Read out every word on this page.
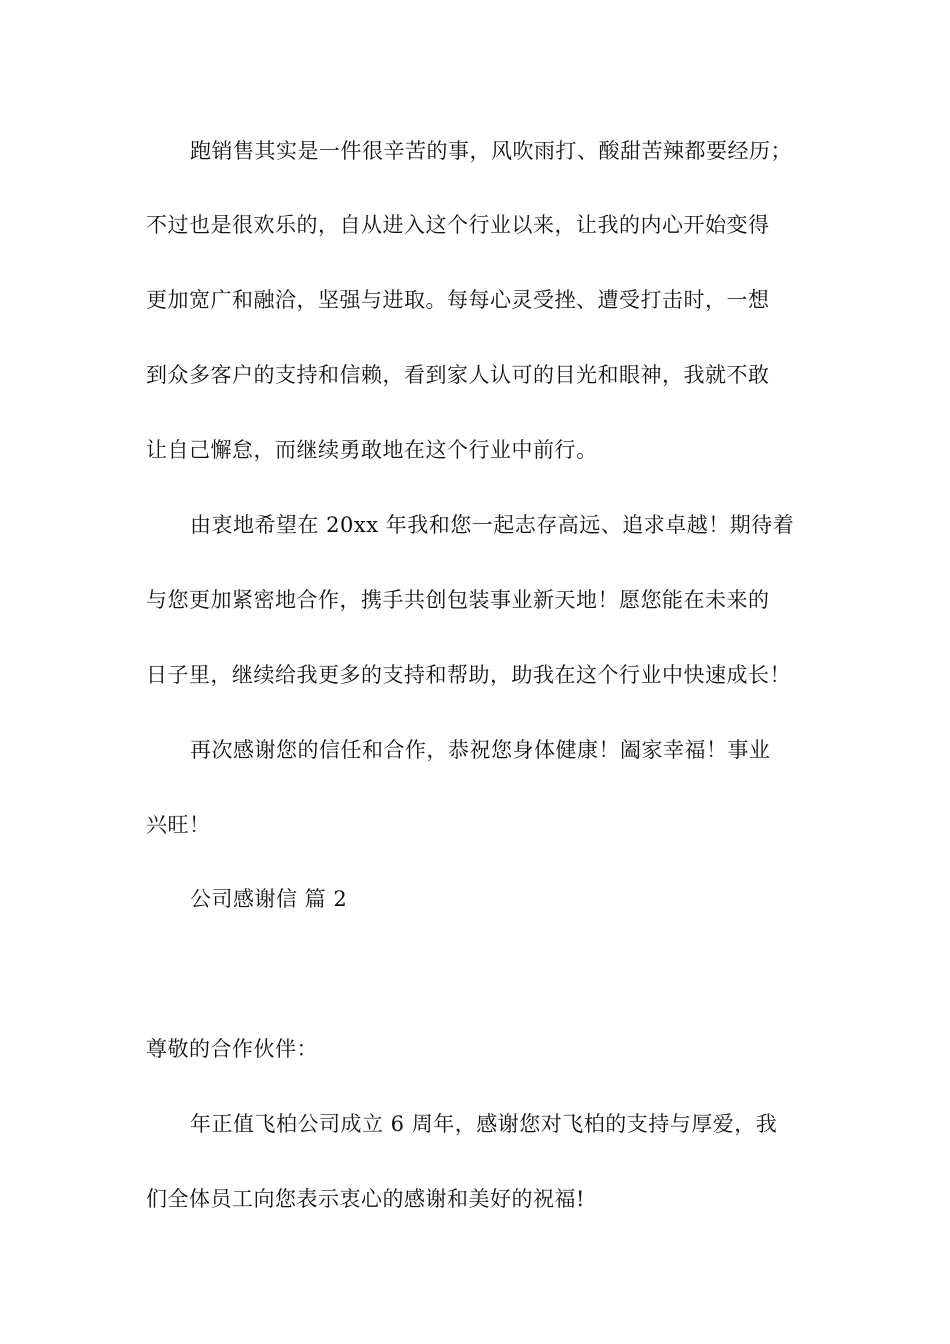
跑销售其实是一件很辛苦的事，风吹雨打、酸甜苦辣都要经历；
不过也是很欢乐的，自从进入这个行业以来，让我的内心开始变得
更加宽广和融洽，坚强与进取。每每心灵受挫、遭受打击时，一想
到众多客户的支持和信赖，看到家人认可的目光和眼神，我就不敢
让自己懈怠，而继续勇敢地在这个行业中前行。
由衷地希望在 20xx 年我和您一起志存高远、追求卓越！期待着
与您更加紧密地合作，携手共创包装事业新天地！愿您能在未来的
日子里，继续给我更多的支持和帮助，助我在这个行业中快速成长！
再次感谢您的信任和合作，恭祝您身体健康！阖家幸福！事业
兴旺！
公司感谢信 篇 2
尊敬的合作伙伴：
年正值飞柏公司成立 6 周年，感谢您对飞柏的支持与厚爱，我
们全体员工向您表示衷心的感谢和美好的祝福!
